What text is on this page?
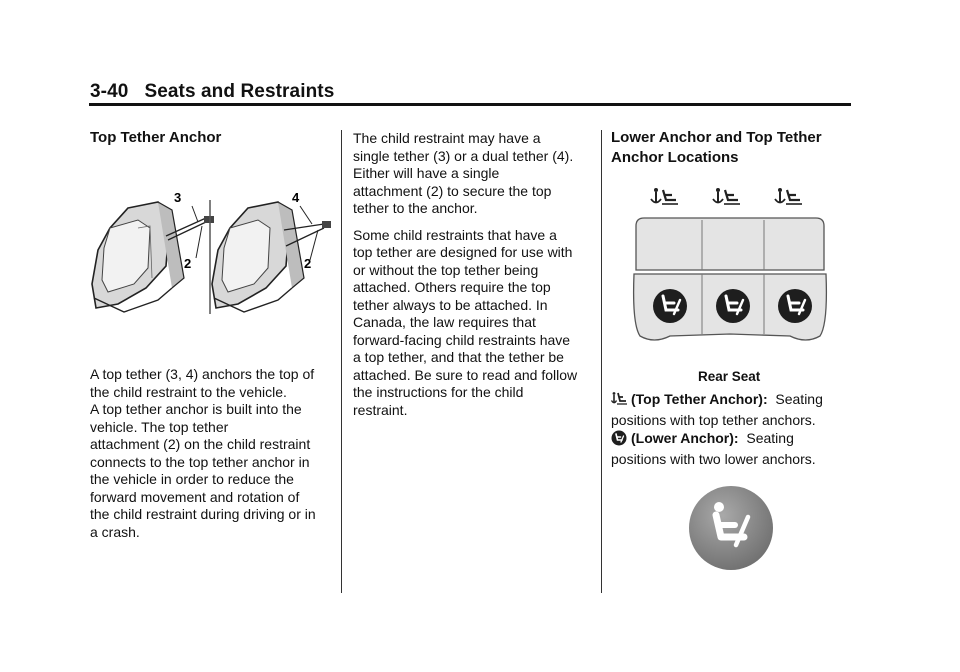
3-40 Seats and Restraints
Top Tether Anchor
3
2
4
2
A top tether (3, 4) anchors the top of
the child restraint to the vehicle.
A top tether anchor is built into the
vehicle. The top tether
attachment (2) on the child restraint
connects to the top tether anchor in
the vehicle in order to reduce the
forward movement and rotation of
the child restraint during driving or in
a crash.

The child restraint may have a
single tether (3) or a dual tether (4).
Either will have a single
attachment (2) to secure the top
tether to the anchor.

Some child restraints that have a
top tether are designed for use with
or without the top tether being
attached. Others require the top
tether always to be attached. In
Canada, the law requires that
forward-facing child restraints have
a top tether, and that the tether be
attached. Be sure to read and follow
the instructions for the child
restraint.

Lower Anchor and Top Tether
Anchor Locations
Rear Seat
(Top Tether Anchor): Seating
positions with top tether anchors.
(Lower Anchor): Seating
positions with two lower anchors.
